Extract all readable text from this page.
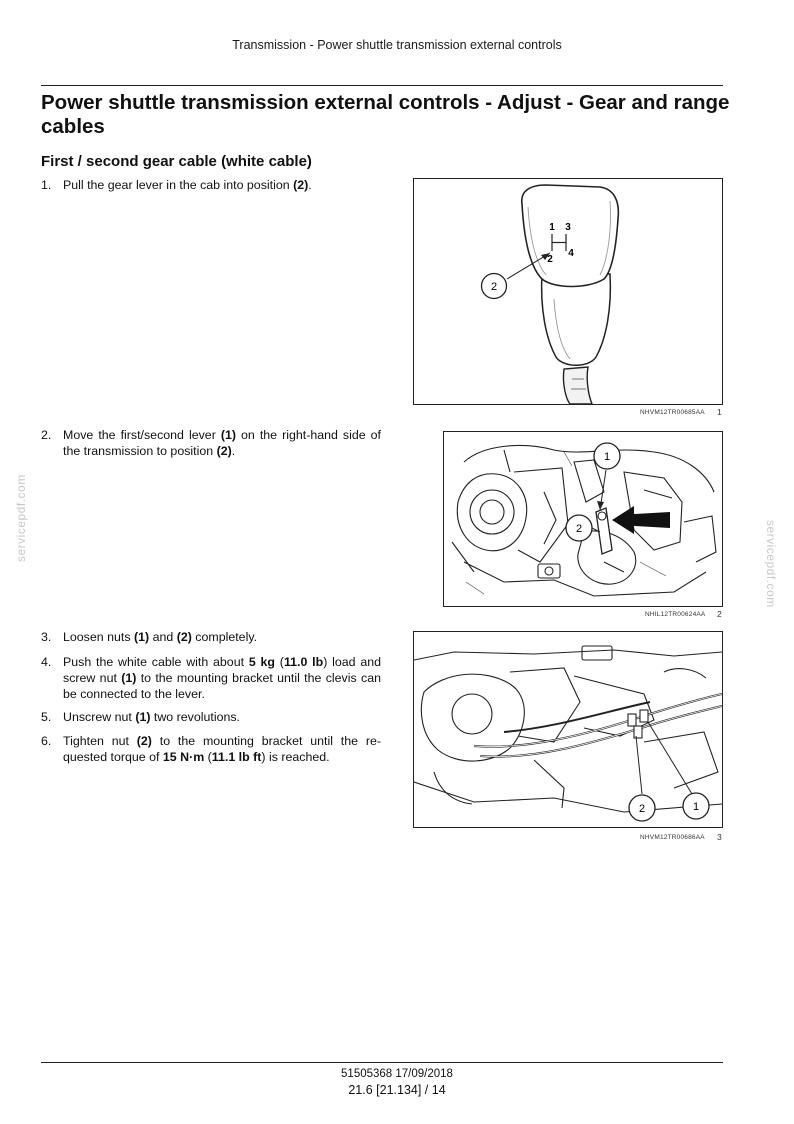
Transmission - Power shuttle transmission external controls
Power shuttle transmission external controls - Adjust - Gear and range cables
First / second gear cable (white cable)
1. Pull the gear lever in the cab into position (2).
2. Move the first/second lever (1) on the right-hand side of the transmission to position (2).
3. Loosen nuts (1) and (2) completely.
4. Push the white cable with about 5 kg (11.0 lb) load and screw nut (1) to the mounting bracket until the clevis can be connected to the lever.
5. Unscrew nut (1) two revolutions.
6. Tighten nut (2) to the mounting bracket until the re-quested torque of 15 N·m (11.1 lb ft) is reached.
1 3
2
4
2
NHVM12TR00685AA 1
1
2
NHIL12TR00624AA 2
2	1
NHVM12TR00686AA 3
servicepdf.com
servicepdf.com
51505368 17/09/2018
21.6 [21.134] / 14
